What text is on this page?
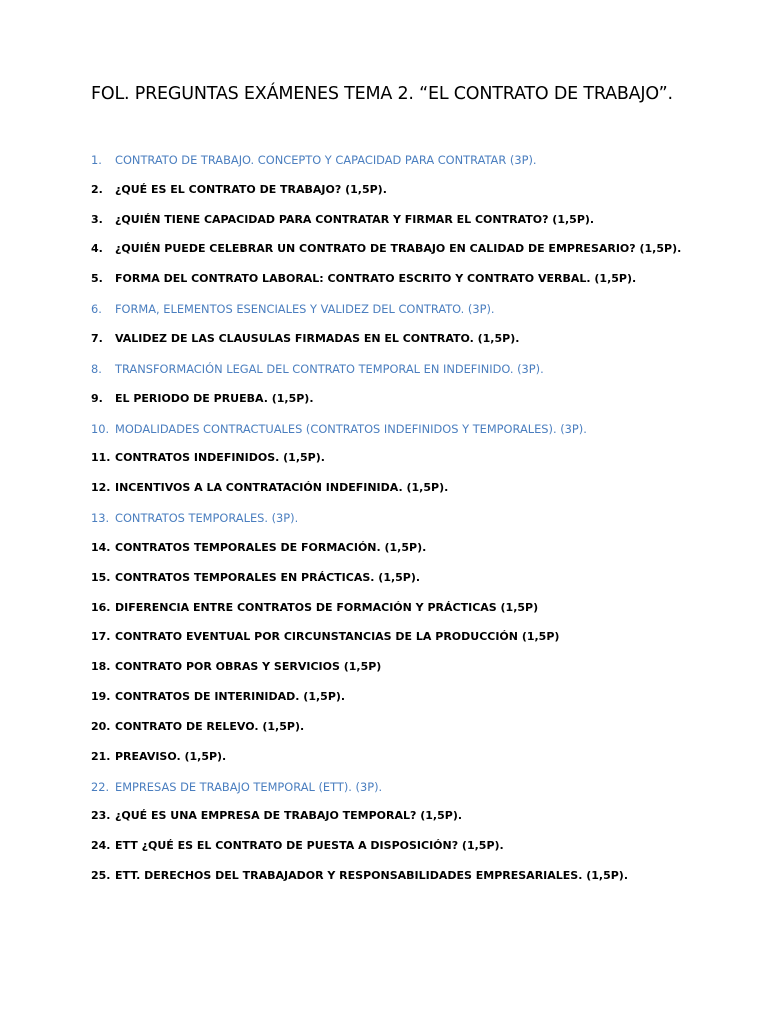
FOL. PREGUNTAS EXÁMENES TEMA 2. “EL CONTRATO DE TRABAJO”.
1.	CONTRATO DE TRABAJO. CONCEPTO Y CAPACIDAD PARA CONTRATAR (3P).
2.	¿QUÉ ES EL CONTRATO DE TRABAJO? (1,5P).
3.	¿QUIÉN TIENE CAPACIDAD PARA CONTRATAR Y FIRMAR EL CONTRATO? (1,5P).
4.	¿QUIÉN PUEDE CELEBRAR UN CONTRATO DE TRABAJO EN CALIDAD DE EMPRESARIO? (1,5P).
5.	FORMA DEL CONTRATO LABORAL: CONTRATO ESCRITO Y CONTRATO VERBAL. (1,5P).
6.	FORMA, ELEMENTOS ESENCIALES Y VALIDEZ DEL CONTRATO. (3P).
7.	VALIDEZ DE LAS CLAUSULAS FIRMADAS EN EL CONTRATO. (1,5P).
8.	TRANSFORMACIÓN LEGAL DEL CONTRATO TEMPORAL EN INDEFINIDO. (3P).
9.	EL PERIODO DE PRUEBA. (1,5P).
10. MODALIDADES CONTRACTUALES (CONTRATOS INDEFINIDOS Y TEMPORALES). (3P).
11. CONTRATOS INDEFINIDOS. (1,5P).
12. INCENTIVOS A LA CONTRATACIÓN INDEFINIDA. (1,5P).
13. CONTRATOS TEMPORALES. (3P).
14. CONTRATOS TEMPORALES DE FORMACIÓN. (1,5P).
15. CONTRATOS TEMPORALES EN PRÁCTICAS. (1,5P).
16. DIFERENCIA ENTRE CONTRATOS DE FORMACIÓN Y PRÁCTICAS (1,5P)
17. CONTRATO EVENTUAL POR CIRCUNSTANCIAS DE LA PRODUCCIÓN (1,5P)
18. CONTRATO POR OBRAS Y SERVICIOS (1,5P)
19. CONTRATOS DE INTERINIDAD. (1,5P).
20. CONTRATO DE RELEVO. (1,5P).
21. PREAVISO. (1,5P).
22. EMPRESAS DE TRABAJO TEMPORAL (ETT). (3P).
23. ¿QUÉ ES UNA EMPRESA DE TRABAJO TEMPORAL? (1,5P).
24. ETT ¿QUÉ ES EL CONTRATO DE PUESTA A DISPOSICIÓN? (1,5P).
25. ETT. DERECHOS DEL TRABAJADOR Y RESPONSABILIDADES EMPRESARIALES. (1,5P).
